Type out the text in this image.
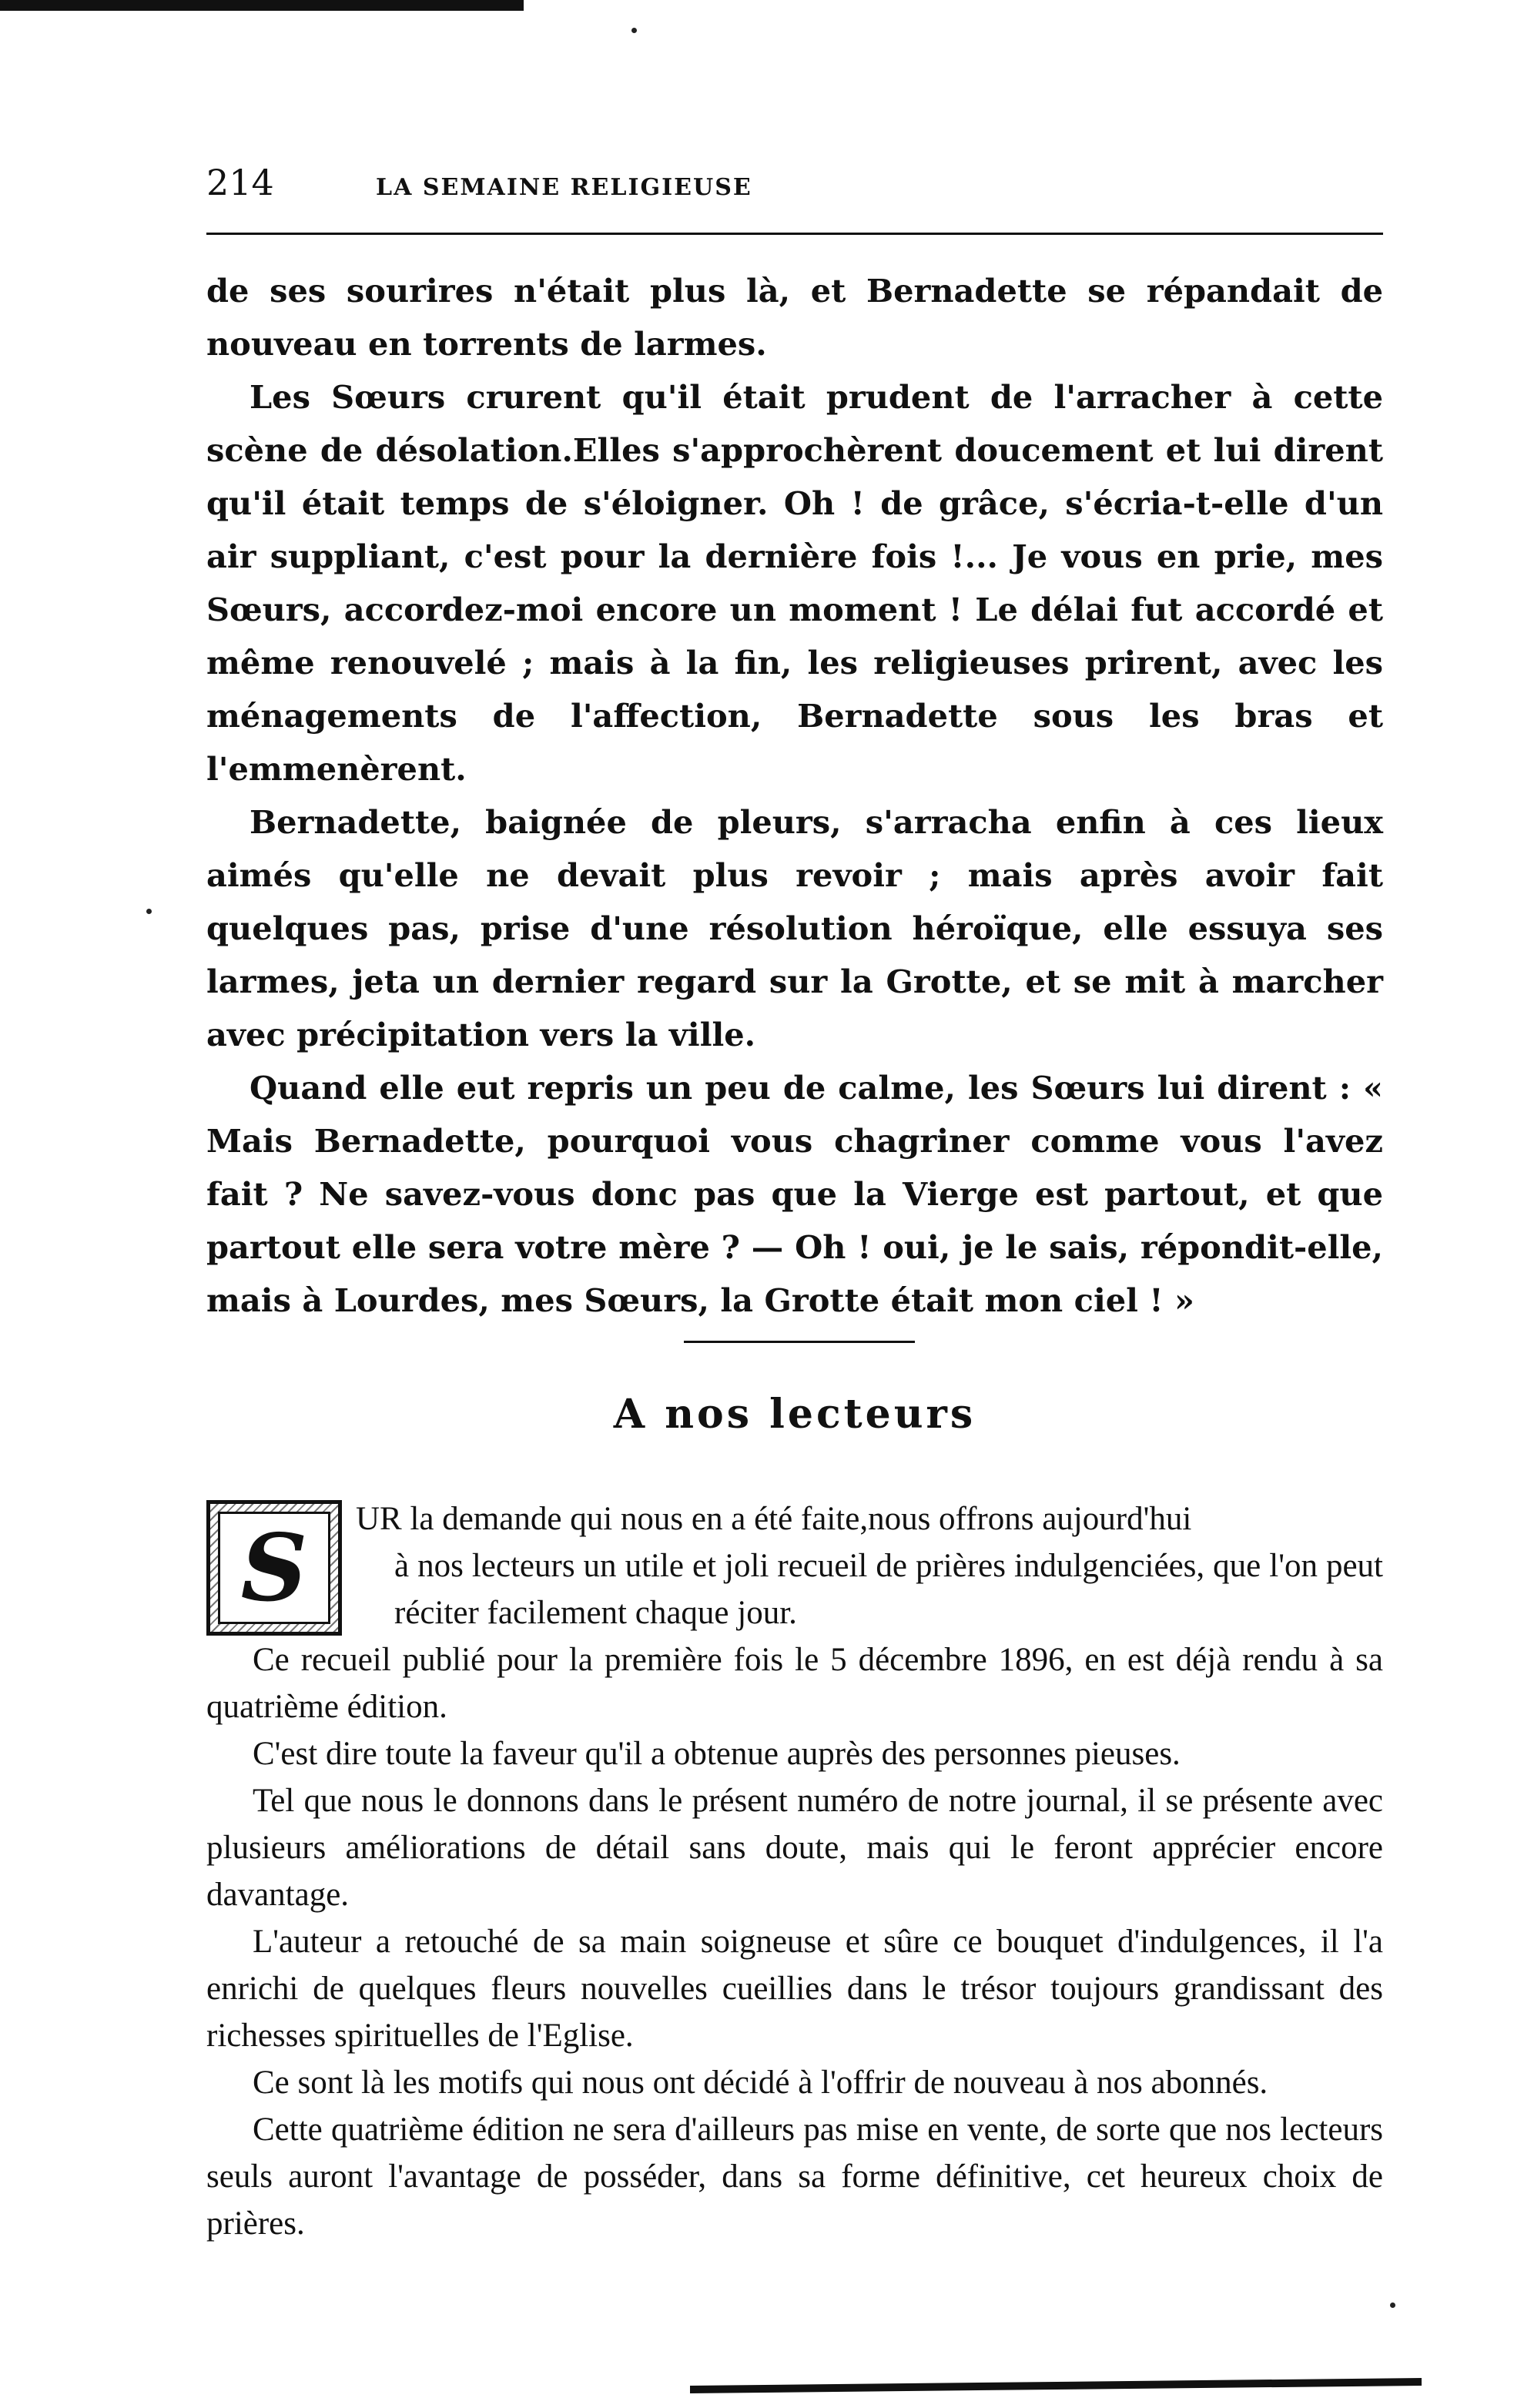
214	LA SEMAINE RELIGIEUSE

de ses sourires n'était plus là, et Bernadette se répandait de nouveau en torrents de larmes.

Les Sœurs crurent qu'il était prudent de l'arracher à cette scène de désolation.Elles s'approchèrent doucement et lui dirent qu'il était temps de s'éloigner. Oh ! de grâce, s'écria-t-elle d'un air suppliant, c'est pour la dernière fois !... Je vous en prie, mes Sœurs, accordez-moi encore un moment ! Le délai fut accordé et même renouvelé ; mais à la fin, les religieuses prirent, avec les ménagements de l'affection, Bernadette sous les bras et l'emmenèrent.

Bernadette, baignée de pleurs, s'arracha enfin à ces lieux aimés qu'elle ne devait plus revoir ; mais après avoir fait quelques pas, prise d'une résolution héroïque, elle essuya ses larmes, jeta un dernier regard sur la Grotte, et se mit à marcher avec précipitation vers la ville.

Quand elle eut repris un peu de calme, les Sœurs lui dirent : « Mais Bernadette, pourquoi vous chagriner comme vous l'avez fait ? Ne savez-vous donc pas que la Vierge est partout, et que partout elle sera votre mère ? — Oh ! oui, je le sais, répondit-elle, mais à Lourdes, mes Sœurs, la Grotte était mon ciel ! »

A nos lecteurs
S	UR la demande qui nous en a été faite,nous offrons aujourd'hui

à nos lecteurs un utile et joli recueil de prières indulgenciées, que l'on peut réciter facilement chaque jour.

Ce recueil publié pour la première fois le 5 décembre 1896, en est déjà rendu à sa quatrième édition.

C'est dire toute la faveur qu'il a obtenue auprès des personnes pieuses.

Tel que nous le donnons dans le présent numéro de notre journal, il se présente avec plusieurs améliorations de détail sans doute, mais qui le feront apprécier encore davantage.

L'auteur a retouché de sa main soigneuse et sûre ce bouquet d'indulgences, il l'a enrichi de quelques fleurs nouvelles cueillies dans le trésor toujours grandissant des richesses spirituelles de l'Eglise.

Ce sont là les motifs qui nous ont décidé à l'offrir de nouveau à nos abonnés.

Cette quatrième édition ne sera d'ailleurs pas mise en vente, de sorte que nos lecteurs seuls auront l'avantage de posséder, dans sa forme définitive, cet heureux choix de prières.
